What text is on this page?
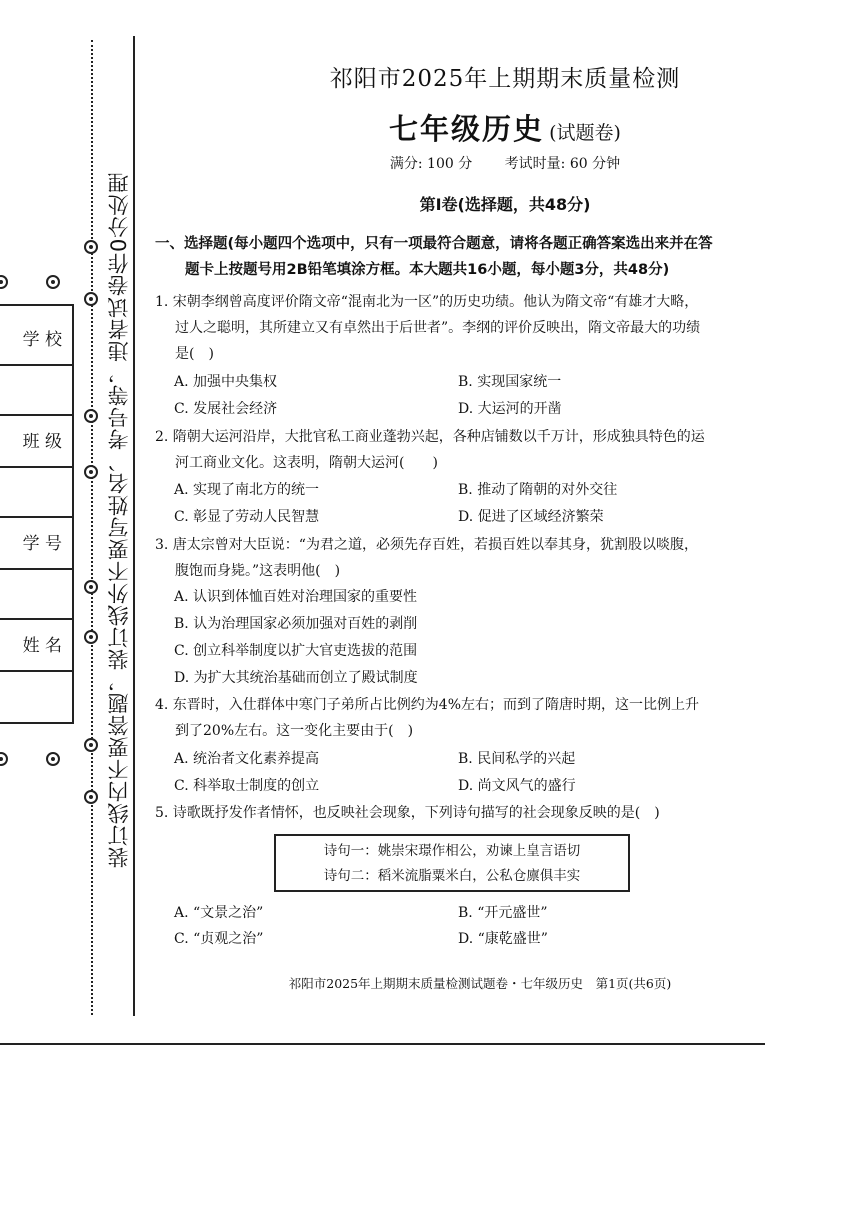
装订线内不要答题，装订线外不要写姓名、考号等，违者试卷作0分处理
学 校
班 级
学 号
姓 名
祁阳市2025年上期期末质量检测
七年级历史 (试题卷)
满分: 100 分 考试时量: 60 分钟
第Ⅰ卷(选择题，共48分)
一、选择题(每小题四个选项中，只有一项最符合题意，请将各题正确答案选出来并在答
题卡上按题号用2B铅笔填涂方框。本大题共16小题，每小题3分，共48分)
1. 宋朝李纲曾高度评价隋文帝“混南北为一区”的历史功绩。他认为隋文帝“有雄才大略，
过人之聪明，其所建立又有卓然出于后世者”。李纲的评价反映出，隋文帝最大的功绩
是(　)
A. 加强中央集权	B. 实现国家统一
C. 发展社会经济	D. 大运河的开凿
2. 隋朝大运河沿岸，大批官私工商业蓬勃兴起，各种店铺数以千万计，形成独具特色的运
河工商业文化。这表明，隋朝大运河(　　)
A. 实现了南北方的统一	B. 推动了隋朝的对外交往
C. 彰显了劳动人民智慧	D. 促进了区域经济繁荣
3. 唐太宗曾对大臣说：“为君之道，必须先存百姓，若损百姓以奉其身，犹割股以啖腹，
腹饱而身毙。”这表明他(　)
A. 认识到体恤百姓对治理国家的重要性
B. 认为治理国家必须加强对百姓的剥削
C. 创立科举制度以扩大官吏选拔的范围
D. 为扩大其统治基础而创立了殿试制度
4. 东晋时，入仕群体中寒门子弟所占比例约为4%左右；而到了隋唐时期，这一比例上升
到了20%左右。这一变化主要由于(　)
A. 统治者文化素养提高	B. 民间私学的兴起
C. 科举取士制度的创立	D. 尚文风气的盛行
5. 诗歌既抒发作者情怀，也反映社会现象，下列诗句描写的社会现象反映的是(　)
诗句一：姚崇宋璟作相公，劝谏上皇言语切
诗句二：稻米流脂粟米白，公私仓廪俱丰实
A. “文景之治”	B. “开元盛世”
C. “贞观之治”	D. “康乾盛世”
祁阳市2025年上期期末质量检测试题卷・七年级历史　第1页(共6页)
